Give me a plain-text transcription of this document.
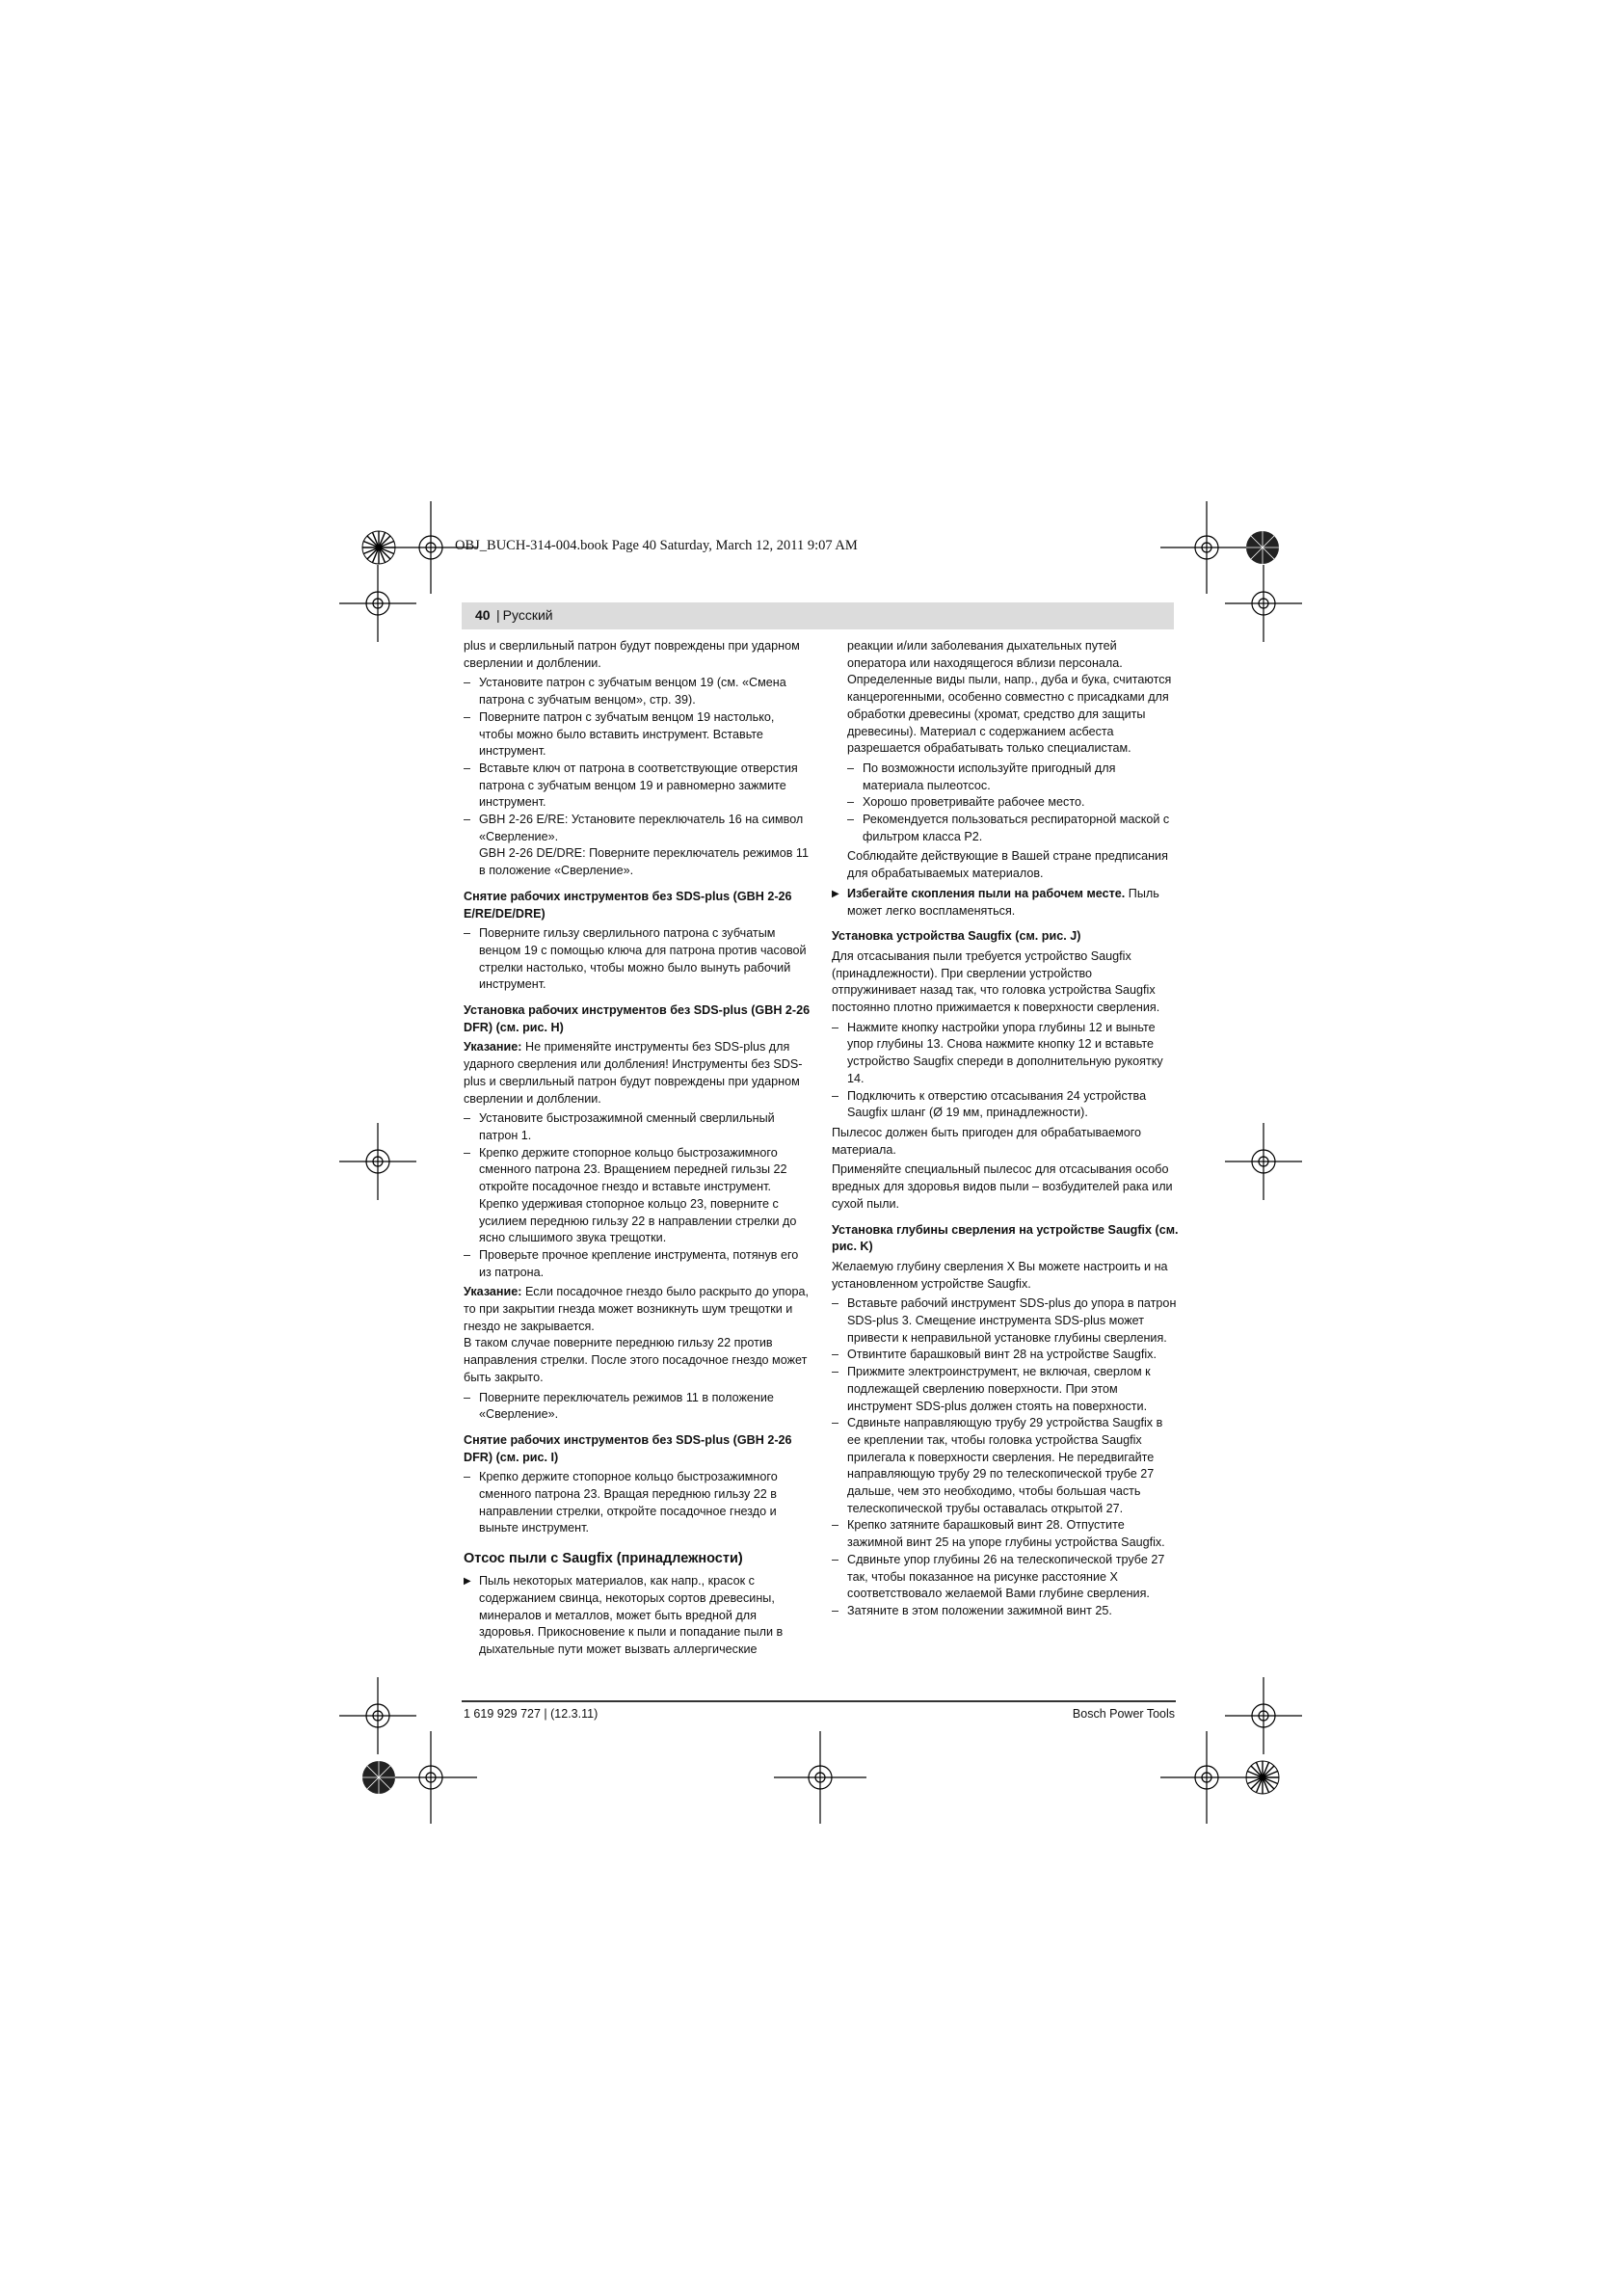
OBJ_BUCH-314-004.book Page 40 Saturday, March 12, 2011 9:07 AM
40
| Русский

plus и сверлильный патрон будут повреждены при ударном сверлении и долблении.

– Установите патрон с зубчатым венцом 19 (см. «Смена патрона с зубчатым венцом», стр. 39).
– Поверните патрон с зубчатым венцом 19 настолько, чтобы можно было вставить инструмент. Вставьте инструмент.
– Вставьте ключ от патрона в соответствующие отверстия патрона с зубчатым венцом 19 и равномерно зажмите инструмент.
– GBH 2-26 E/RE: Установите переключатель 16 на символ «Сверление».
GBH 2-26 DE/DRE: Поверните переключатель режимов 11 в положение «Сверление».
Снятие рабочих инструментов без SDS-plus (GBH 2-26 E/RE/DE/DRE)
– Поверните гильзу сверлильного патрона с зубчатым венцом 19 с помощью ключа для патрона против часовой стрелки настолько, чтобы можно было вынуть рабочий инструмент.
Установка рабочих инструментов без SDS-plus (GBH 2-26 DFR) (см. рис. H)

Указание: Не применяйте инструменты без SDS-plus для ударного сверления или долбления! Инструменты без SDS-plus и сверлильный патрон будут повреждены при ударном сверлении и долблении.

– Установите быстрозажимной сменный сверлильный патрон 1.
– Крепко держите стопорное кольцо быстрозажимного сменного патрона 23. Вращением передней гильзы 22 откройте посадочное гнездо и вставьте инструмент. Крепко удерживая стопорное кольцо 23, поверните с усилием переднюю гильзу 22 в направлении стрелки до ясно слышимого звука трещотки.
– Проверьте прочное крепление инструмента, потянув его из патрона.

Указание: Если посадочное гнездо было раскрыто до упора, то при закрытии гнезда может возникнуть шум трещотки и гнездо не закрывается.

В таком случае поверните переднюю гильзу 22 против направления стрелки. После этого посадочное гнездо может быть закрыто.

– Поверните переключатель режимов 11 в положение «Сверление».
Снятие рабочих инструментов без SDS-plus (GBH 2-26 DFR) (см. рис. I)
– Крепко держите стопорное кольцо быстрозажимного сменного патрона 23. Вращая переднюю гильзу 22 в направлении стрелки, откройте посадочное гнездо и выньте инструмент.
Отсос пыли с Saugfix (принадлежности)

▶ Пыль некоторых материалов, как напр., красок с содержанием свинца, некоторых сортов древесины, минералов и металлов, может быть вредной для здоровья. Прикосновение к пыли и попадание пыли в дыхательные пути может вызвать аллергические

реакции и/или заболевания дыхательных путей оператора или находящегося вблизи персонала. Определенные виды пыли, напр., дуба и бука, считаются канцерогенными, особенно совместно с присадками для обработки древесины (хромат, средство для защиты древесины). Материал с содержанием асбеста разрешается обрабатывать только специалистам.

– По возможности используйте пригодный для материала пылеотсос.
– Хорошо проветривайте рабочее место.
– Рекомендуется пользоваться респираторной маской с фильтром класса Р2.

Соблюдайте действующие в Вашей стране предписания для обрабатываемых материалов.

▶ Избегайте скопления пыли на рабочем месте. Пыль может легко воспламеняться.

Установка устройства Saugfix (см. рис. J)

Для отсасывания пыли требуется устройство Saugfix (принадлежности). При сверлении устройство отпружинивает назад так, что головка устройства Saugfix постоянно плотно прижимается к поверхности сверления.

– Нажмите кнопку настройки упора глубины 12 и выньте упор глубины 13. Снова нажмите кнопку 12 и вставьте устройство Saugfix спереди в дополнительную рукоятку 14.
– Подключить к отверстию отсасывания 24 устройства Saugfix шланг (Ø 19 мм, принадлежности).

Пылесос должен быть пригоден для обрабатываемого материала.

Применяйте специальный пылесос для отсасывания особо вредных для здоровья видов пыли – возбудителей рака или сухой пыли.

Установка глубины сверления на устройстве Saugfix (см. рис. K)

Желаемую глубину сверления X Вы можете настроить и на установленном устройстве Saugfix.

– Вставьте рабочий инструмент SDS-plus до упора в патрон SDS-plus 3. Смещение инструмента SDS-plus может привести к неправильной установке глубины сверления.
– Отвинтите барашковый винт 28 на устройстве Saugfix.
– Прижмите электроинструмент, не включая, сверлом к подлежащей сверлению поверхности. При этом инструмент SDS-plus должен стоять на поверхности.
– Сдвиньте направляющую трубу 29 устройства Saugfix в ее креплении так, чтобы головка устройства Saugfix прилегала к поверхности сверления. Не передвигайте направляющую трубу 29 по телескопической трубе 27 дальше, чем это необходимо, чтобы большая часть телескопической трубы оставалась открытой 27.
– Крепко затяните барашковый винт 28. Отпустите зажимной винт 25 на упоре глубины устройства Saugfix.
– Сдвиньте упор глубины 26 на телескопической трубе 27 так, чтобы показанное на рисунке расстояние X соответствовало желаемой Вами глубине сверления.
– Затяните в этом положении зажимной винт 25.
1 619 929 727 | (12.3.11)	Bosch Power Tools
